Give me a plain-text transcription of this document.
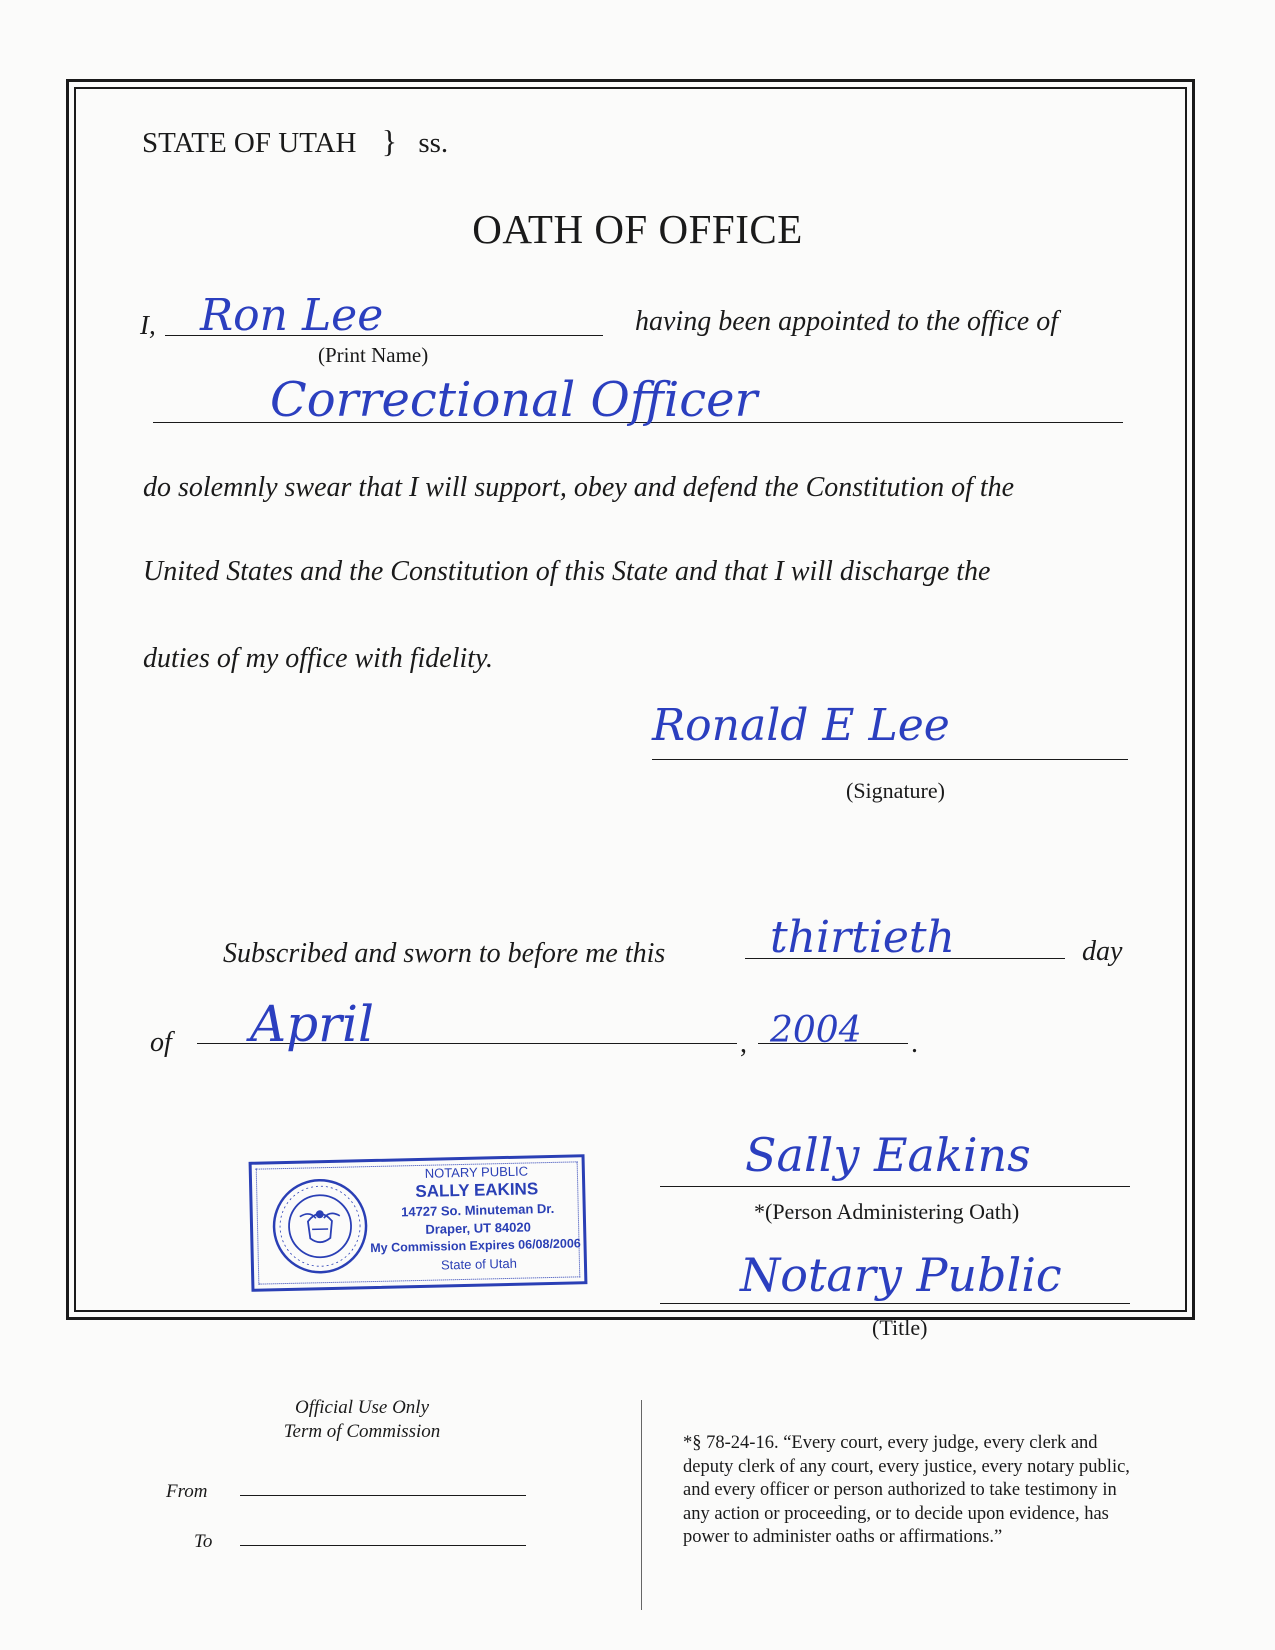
STATE OF UTAH } ss.
OATH OF OFFICE
I, Ron Lee
(Print Name)
having been appointed to the office of
Correctional Officer
do solemnly swear that I will support, obey and defend the Constitution of the
United States and the Constitution of this State and that I will discharge the
duties of my office with fidelity.
Ronald E Lee
(Signature)
Subscribed and sworn to before me this thirtieth	day
of April	, 2004 .
NOTARY PUBLIC
SALLY EAKINS
14727 So. Minuteman Dr.
Draper, UT 84020
My Commission Expires 06/08/2006
State of Utah
Sally Eakins
*(Person Administering Oath)
Notary Public
(Title)
Official Use Only
Term of Commission
From
To
*§ 78-24-16. “Every court, every judge, every clerk and
deputy clerk of any court, every justice, every notary public,
and every officer or person authorized to take testimony in
any action or proceeding, or to decide upon evidence, has
power to administer oaths or affirmations.”
